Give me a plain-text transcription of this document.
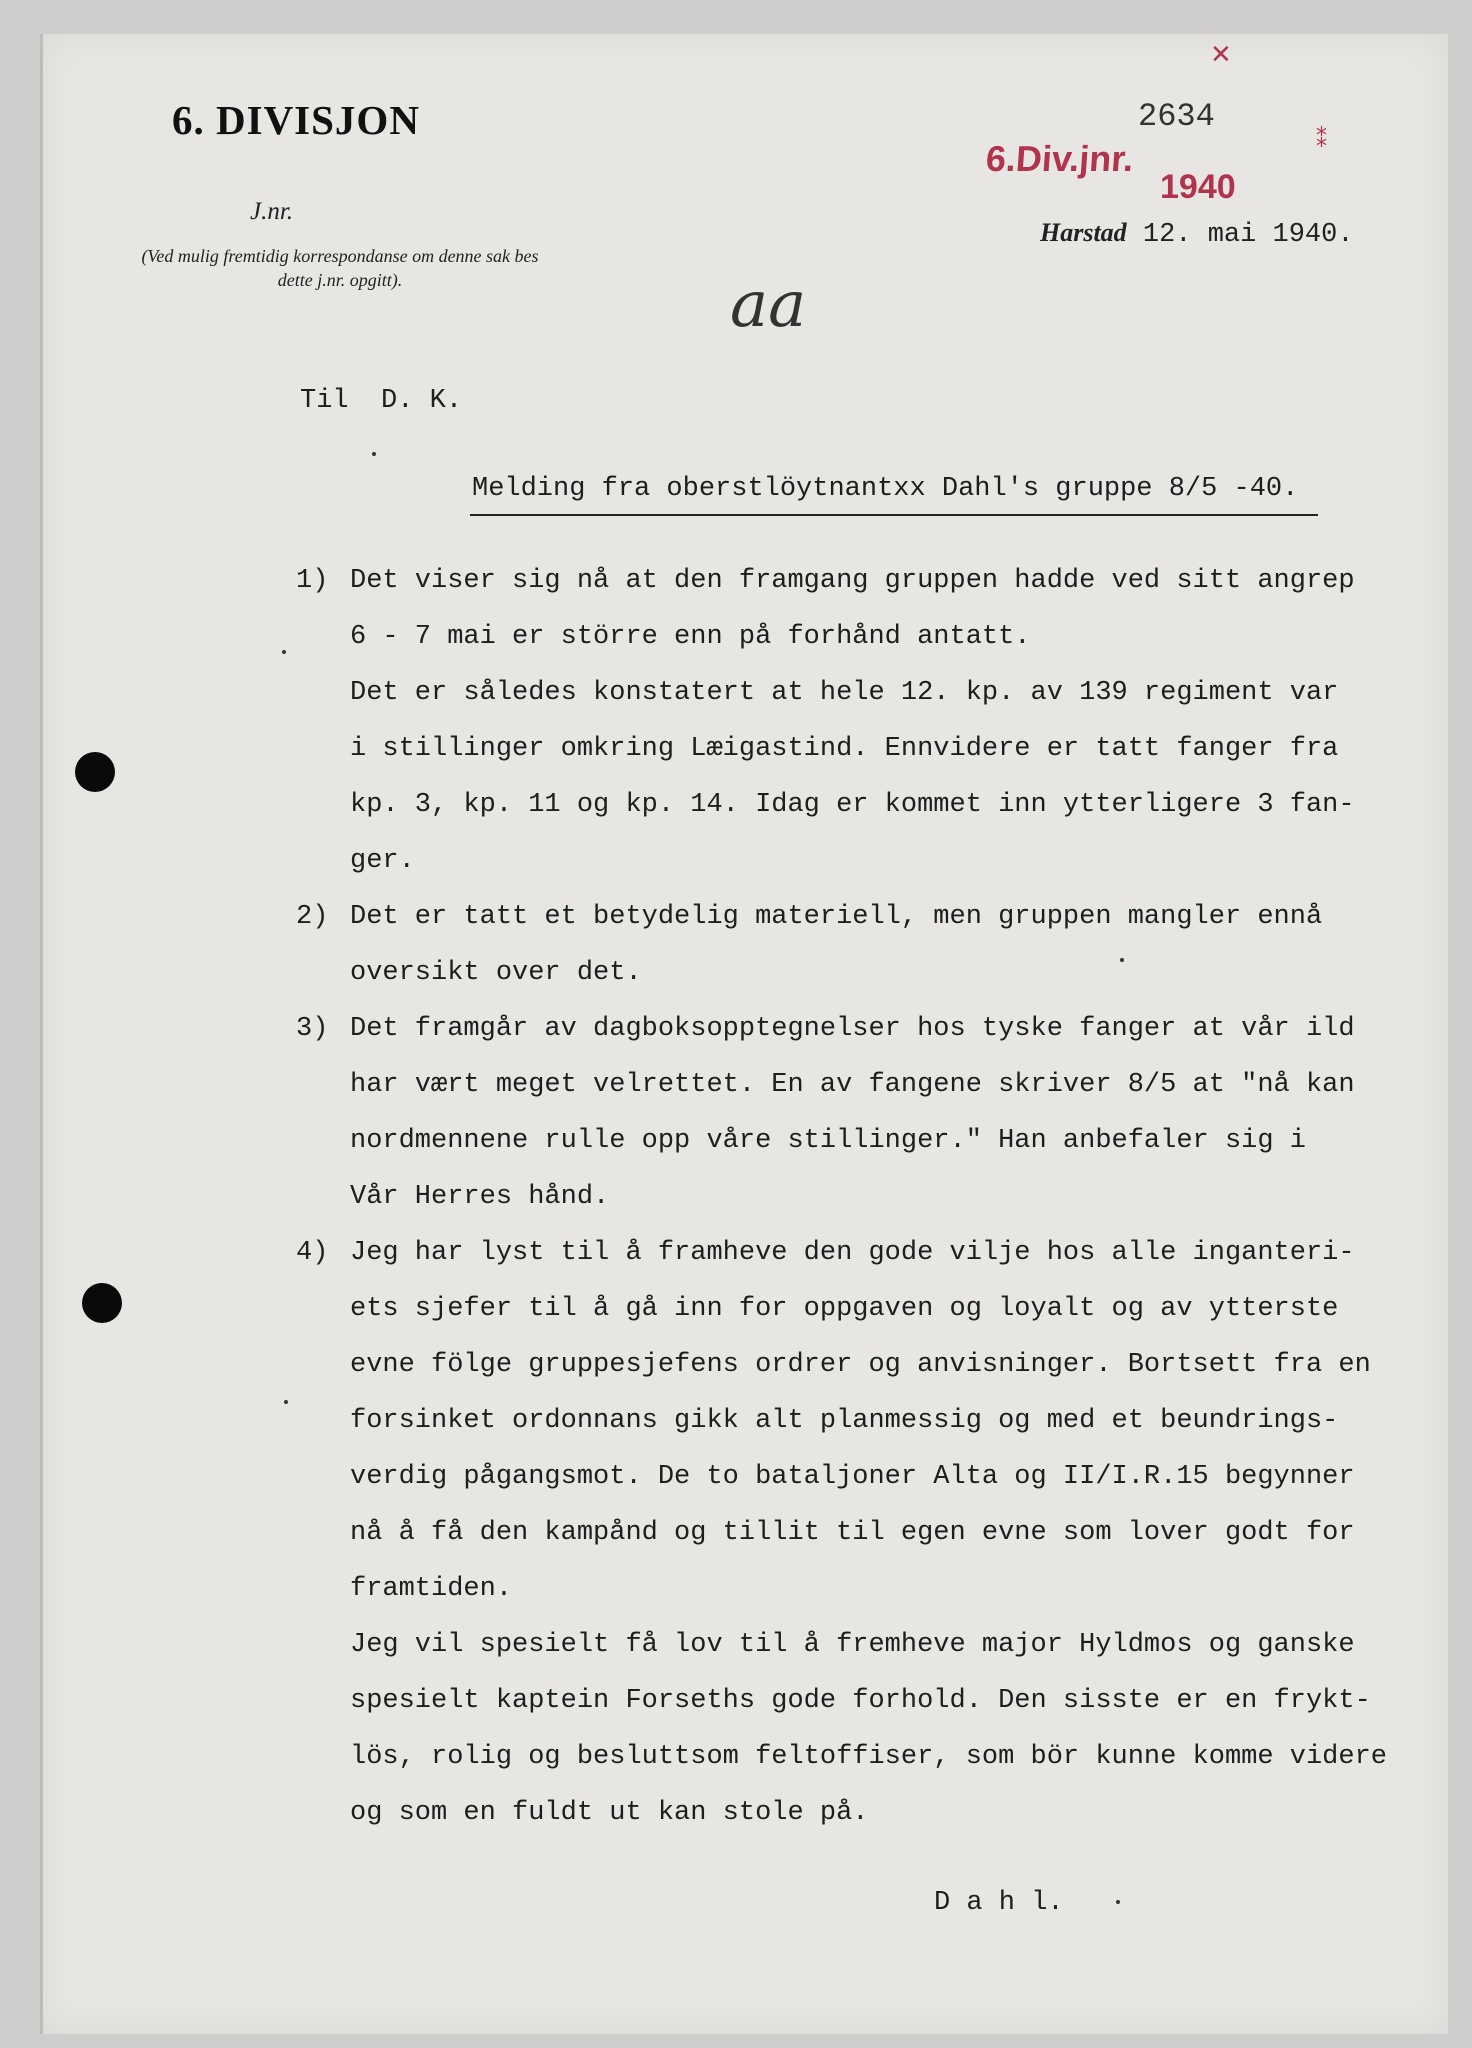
6. DIVISJON
J.nr.
(Ved mulig fremtidig korrespondanse om denne sak bes dette j.nr. opgitt).
2634
6.Div.jnr.
1940
✕
⁑
Harstad 12. mai 1940.
aa
Til  D. K.
Melding fra oberstlöytnantxx Dahl's gruppe 8/5 -40.
1) Det viser sig nå at den framgang gruppen hadde ved sitt angrep
6 - 7 mai er större enn på forhånd antatt.
Det er således konstatert at hele 12. kp. av 139 regiment var
i stillinger omkring Læigastind. Ennvidere er tatt fanger fra
kp. 3, kp. 11 og kp. 14. Idag er kommet inn ytterligere 3 fan-
ger.
2) Det er tatt et betydelig materiell, men gruppen mangler ennå
oversikt over det.
3) Det framgår av dagboksopptegnelser hos tyske fanger at vår ild
har vært meget velrettet. En av fangene skriver 8/5 at "nå kan
nordmennene rulle opp våre stillinger." Han anbefaler sig i
Vår Herres hånd.
4) Jeg har lyst til å framheve den gode vilje hos alle inganteri-
ets sjefer til å gå inn for oppgaven og loyalt og av ytterste
evne fölge gruppesjefens ordrer og anvisninger. Bortsett fra en
forsinket ordonnans gikk alt planmessig og med et beundrings-
verdig pågangsmot. De to bataljoner Alta og II/I.R.15 begynner
nå å få den kampånd og tillit til egen evne som lover godt for
framtiden.
Jeg vil spesielt få lov til å fremheve major Hyldmos og ganske
spesielt kaptein Forseths gode forhold. Den sisste er en frykt-
lös, rolig og besluttsom feltoffiser, som bör kunne komme videre
og som en fuldt ut kan stole på.
D a h l.
